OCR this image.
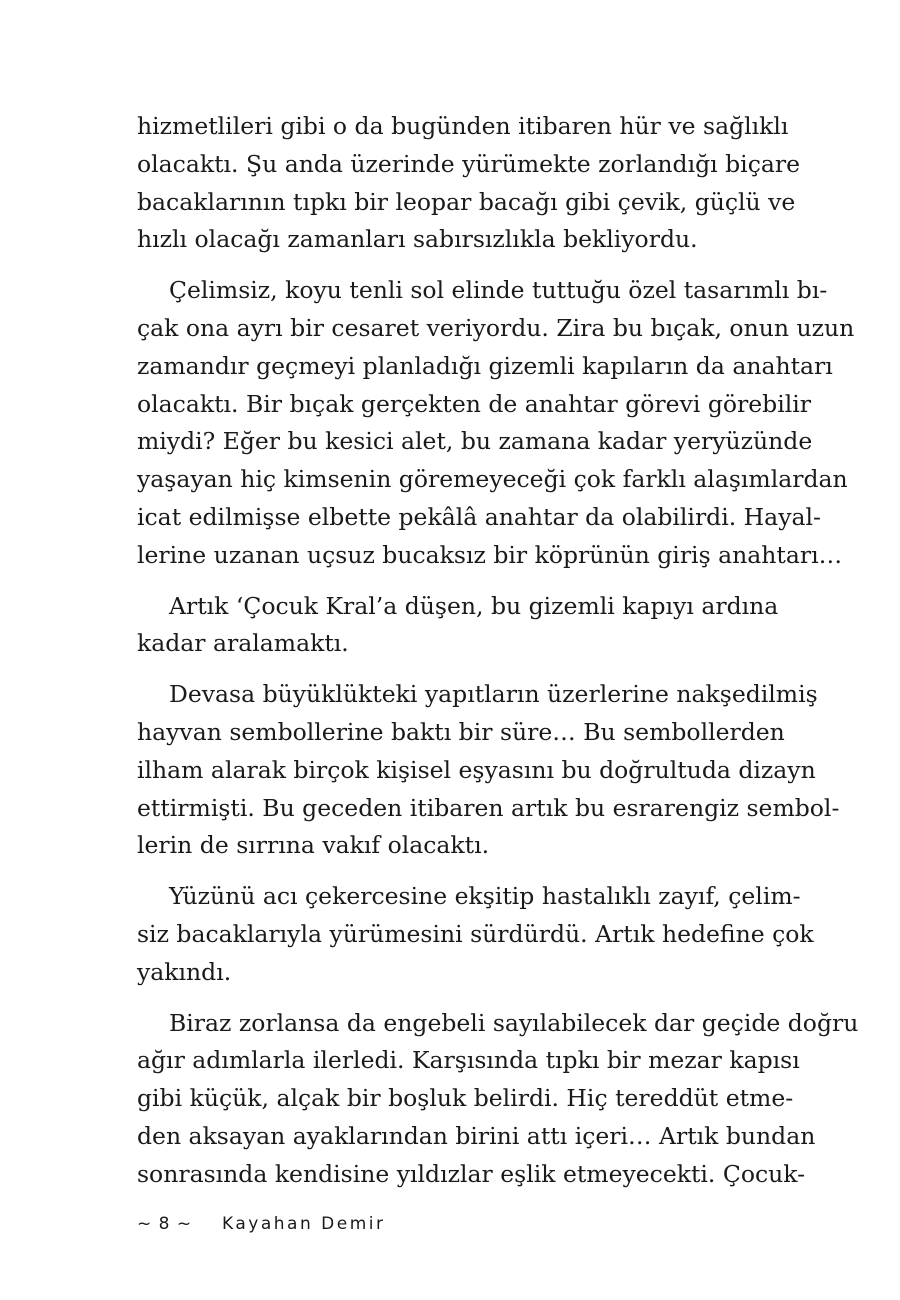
hizmetlileri gibi o da bugünden itibaren hür ve sağlıklı
olacaktı. Şu anda üzerinde yürümekte zorlandığı biçare
bacaklarının tıpkı bir leopar bacağı gibi çevik, güçlü ve
hızlı olacağı zamanları sabırsızlıkla bekliyordu.
Çelimsiz, koyu tenli sol elinde tuttuğu özel tasarımlı bı-
çak ona ayrı bir cesaret veriyordu. Zira bu bıçak, onun uzun
zamandır geçmeyi planladığı gizemli kapıların da anahtarı
olacaktı. Bir bıçak gerçekten de anahtar görevi görebilir
miydi? Eğer bu kesici alet, bu zamana kadar yeryüzünde
yaşayan hiç kimsenin göremeyeceği çok farklı alaşımlardan
icat edilmişse elbette pekâlâ anahtar da olabilirdi. Hayal-
lerine uzanan uçsuz bucaksız bir köprünün giriş anahtarı…
Artık ‘Çocuk Kral’a düşen, bu gizemli kapıyı ardına
kadar aralamaktı.
Devasa büyüklükteki yapıtların üzerlerine nakşedilmiş
hayvan sembollerine baktı bir süre… Bu sembollerden
ilham alarak birçok kişisel eşyasını bu doğrultuda dizayn
ettirmişti. Bu geceden itibaren artık bu esrarengiz sembol-
lerin de sırrına vakıf olacaktı.
Yüzünü acı çekercesine ekşitip hastalıklı zayıf, çelim-
siz bacaklarıyla yürümesini sürdürdü. Artık hedefine çok
yakındı.
Biraz zorlansa da engebeli sayılabilecek dar geçide doğru
ağır adımlarla ilerledi. Karşısında tıpkı bir mezar kapısı
gibi küçük, alçak bir boşluk belirdi. Hiç tereddüt etme-
den aksayan ayaklarından birini attı içeri… Artık bundan
sonrasında kendisine yıldızlar eşlik etmeyecekti. Çocuk-
~ 8 ~ Kayahan Demir
